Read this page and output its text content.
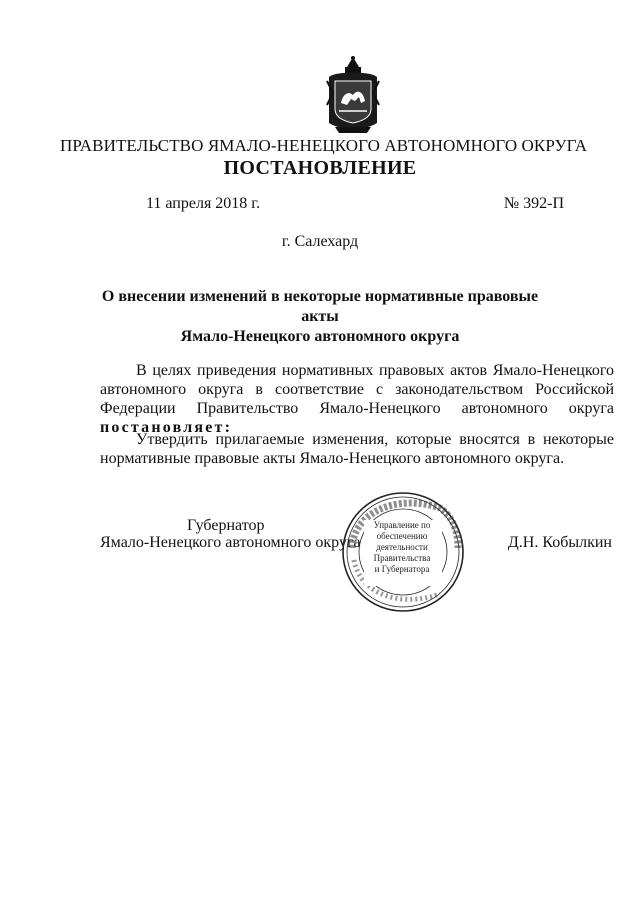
ПРАВИТЕЛЬСТВО ЯМАЛО-НЕНЕЦКОГО АВТОНОМНОГО ОКРУГА
ПОСТАНОВЛЕНИЕ
11 апреля 2018 г.	№ 392-П
г. Салехард
О внесении изменений в некоторые нормативные правовые акты
Ямало-Ненецкого автономного округа
В целях приведения нормативных правовых актов Ямало-Ненецкого автономного округа в соответствие с законодательством Российской Федерации Правительство Ямало-Ненецкого автономного округа постановляет:
Утвердить прилагаемые изменения, которые вносятся в некоторые нормативные правовые акты Ямало-Ненецкого автономного округа.
Губернатор
Ямало-Ненецкого автономного округа	Д.Н. Кобылкин
Управление по
обеспечению
деятельности
Правительства
и Губернатора
